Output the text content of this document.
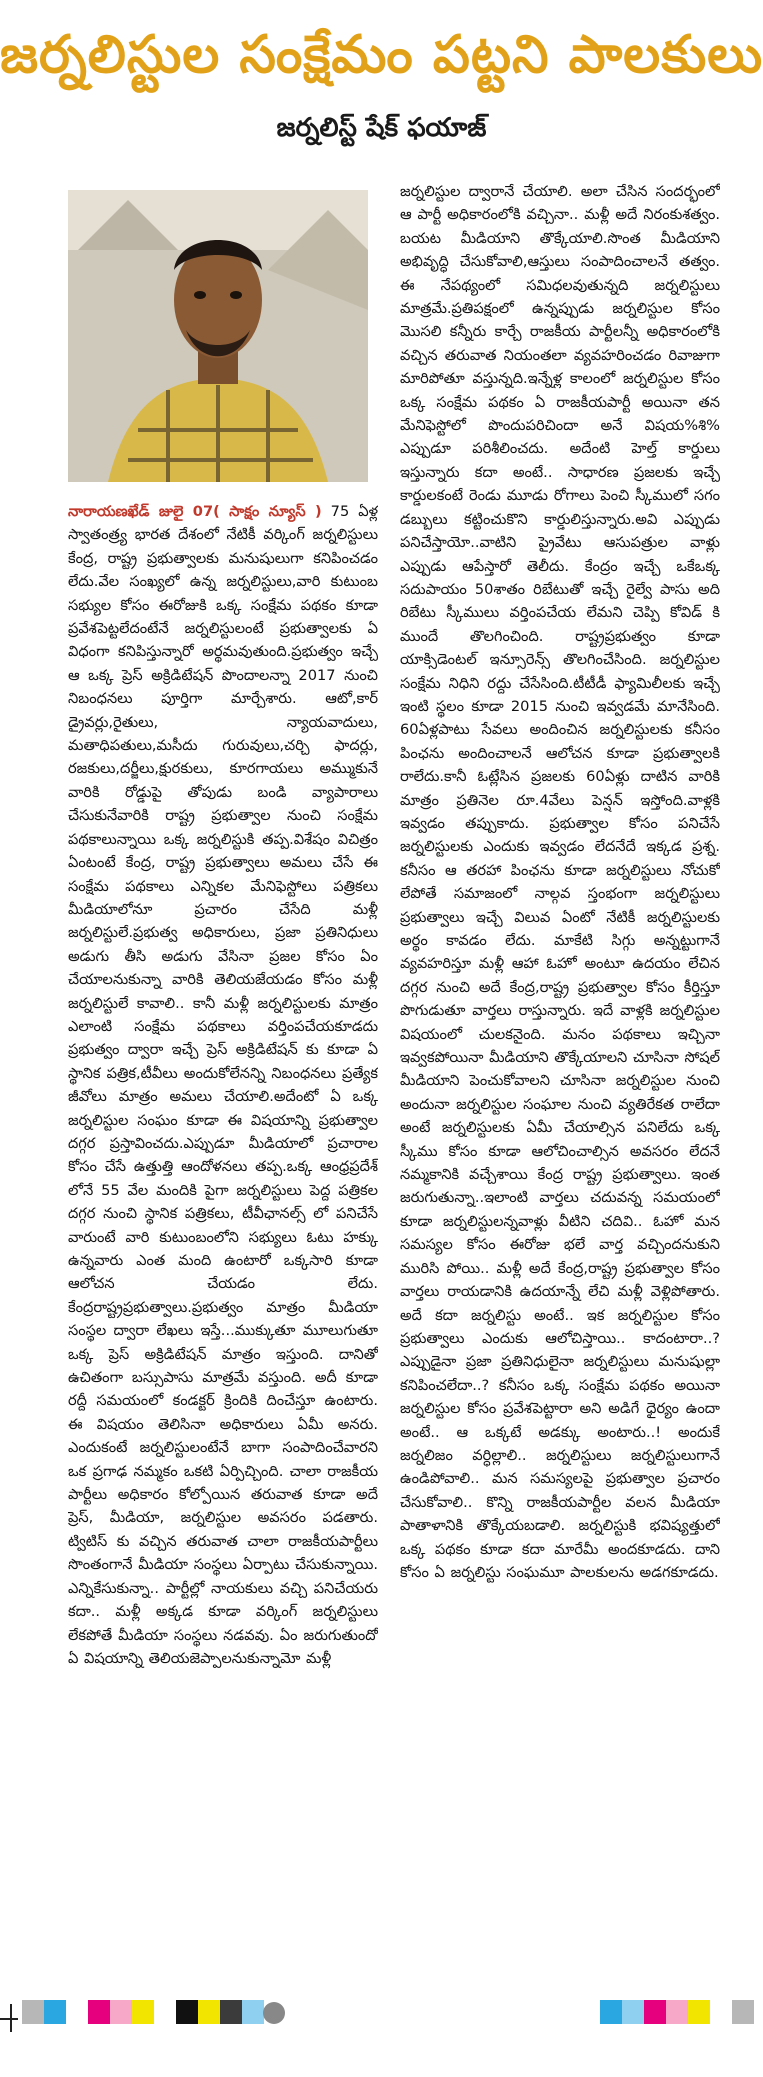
జర్నలిస్టుల సంక్షేమం పట్టని పాలకులు
జర్నలిస్ట్ షేక్ ఫయాజ్

నారాయణఖేడ్ జులై 07( సాక్షం న్యూస్ ) 75 ఏళ్ల స్వాతంత్ర్య భారత దేశంలో నేటికీ వర్కింగ్ జర్నలిస్టులు కేంద్ర, రాష్ట్ర ప్రభుత్వాలకు మనుషులుగా కనిపించడం లేదు.వేల సంఖ్యలో ఉన్న జర్నలిస్టులు,వారి కుటుంబ సభ్యుల కోసం ఈరోజుకి ఒక్క సంక్షేమ పథకం కూడా ప్రవేశపెట్టలేదంటేనే జర్నలిస్టులంటే ప్రభుత్వాలకు ఏ విధంగా కనిపిస్తున్నారో అర్థమవుతుంది.ప్రభుత్వం ఇచ్చే ఆ ఒక్క ప్రెస్ అక్రిడిటేషన్ పొందాలన్నా 2017 నుంచి నిబంధనలు పూర్తిగా మార్చేశారు. ఆటో,కార్ డ్రైవర్లు,రైతులు, న్యాయవాదులు, మతాధిపతులు,మసీదు గురువులు,చర్చి ఫాదర్లు, రజకులు,దర్జీలు,క్షురకులు, కూరగాయలు అమ్ముకునే వారికి రోడ్డుపై తోపుడు బండి వ్యాపారాలు చేసుకునేవారికి రాష్ట్ర ప్రభుత్వాల నుంచి సంక్షేమ పథకాలున్నాయి ఒక్క జర్నలిస్టుకి తప్ప.విశేషం విచిత్రం ఏంటంటే కేంద్ర, రాష్ట్ర ప్రభుత్వాలు అమలు చేసే ఈ సంక్షేమ పథకాలు ఎన్నికల మేనిఫెస్టోలు పత్రికలు మీడియాలోనూ ప్రచారం చేసేది మళ్లీ జర్నలిస్టులే.ప్రభుత్వ అధికారులు, ప్రజా ప్రతినిధులు అడుగు తీసి అడుగు వేసినా ప్రజల కోసం ఏం చేయాలనుకున్నా వారికి తెలియజేయడం కోసం మళ్లీ జర్నలిస్టులే కావాలి.. కానీ మళ్లీ జర్నలిస్టులకు మాత్రం ఎలాంటి సంక్షేమ పథకాలు వర్తింపచేయకూడదు ప్రభుత్వం ద్వారా ఇచ్చే ప్రెస్ అక్రిడిటేషన్ కు కూడా ఏ స్థానిక పత్రిక,టీవీలు అందుకోలేనన్ని నిబంధనలు ప్రత్యేక జీవోలు మాత్రం అమలు చేయాలి.అదేంటో ఏ ఒక్క జర్నలిస్టుల సంఘం కూడా ఈ విషయాన్ని ప్రభుత్వాల దగ్గర ప్రస్తావించదు.ఎప్పుడూ మీడియాలో ప్రచారాల కోసం చేసే ఉత్తుత్తి ఆందోళనలు తప్ప.ఒక్క ఆంధ్రప్రదేశ్ లోనే 55 వేల మందికి పైగా జర్నలిస్టులు పెద్ద పత్రికల దగ్గర నుంచి స్థానిక పత్రికలు, టీవీఛానల్స్ లో పనిచేసే వారుంటే వారి కుటుంబంలోని సభ్యులు ఓటు హక్కు ఉన్నవారు ఎంత మంది ఉంటారో ఒక్కసారి కూడా ఆలోచన చేయడం లేదు. కేంద్రరాష్ట్రప్రభుత్వాలు.ప్రభుత్వం మాత్రం మీడియా సంస్థల ద్వారా లేఖలు ఇస్తే...ముక్కుతూ మూలుగుతూ ఒక్క ప్రెస్ అక్రిడిటేషన్ మాత్రం ఇస్తుంది. దానితో ఉచితంగా బస్సుపాసు మాత్రమే వస్తుంది. అదీ కూడా రద్దీ సమయంలో కండక్టర్ క్రిందికి దించేస్తూ ఉంటారు. ఈ విషయం తెలిసినా అధికారులు ఏమీ అనరు. ఎందుకంటే జర్నలిస్టులంటేనే బాగా సంపాదించేవారని ఒక ప్రగాఢ నమ్మకం ఒకటి ఏర్పిచ్చింది. చాలా రాజకీయ పార్టీలు అధికారం కోల్పోయిన తరువాత కూడా అదే ప్రెస్, మీడియా, జర్నలిస్టుల అవసరం పడతారు. ట్విటిస్ కు వచ్చిన తరువాత చాలా రాజకీయపార్టీలు సొంతంగానే మీడియా సంస్థలు ఏర్పాటు చేసుకున్నాయి. ఎన్నికేసుకున్నా.. పార్టీల్లో నాయకులు వచ్చి పనిచేయరు కదా.. మళ్లీ అక్కడ కూడా వర్కింగ్ జర్నలిస్టులు లేకపోతే మీడియా సంస్థలు నడవవు. ఏం జరుగుతుందో ఏ విషయాన్ని తెలియజెప్పాలనుకున్నామో మళ్లీ

జర్నలిస్టుల ద్వారానే చేయాలి. అలా చేసిన సందర్భంలో ఆ పార్టీ అధికారంలోకి వచ్చినా.. మళ్లీ అదే నిరంకుశత్వం. బయట మీడియాని తొక్కేయాలి.సొంత మీడియాని అభివృద్ధి చేసుకోవాలి,ఆస్తులు సంపాదించాలనే తత్వం. ఈ నేపథ్యంలో సమిధలవుతున్నది జర్నలిస్టులు మాత్రమే.ప్రతిపక్షంలో ఉన్నప్పుడు జర్నలిస్టుల కోసం మొసలి కన్నీరు కార్చే రాజకీయ పార్టీలన్నీ అధికారంలోకి వచ్చిన తరువాత నియంతలా వ్యవహరించడం రివాజుగా మారిపోతూ వస్తున్నది.ఇన్నేళ్ల కాలంలో జర్నలిస్టుల కోసం ఒక్క సంక్షేమ పథకం ఏ రాజకీయపార్టీ అయినా తన మేనిఫెస్టోలో పొందుపరిచిందా అనే విషయ%శి% ఎప్పుడూ పరిశీలించదు. అదేంటి హెల్త్ కార్డులు ఇస్తున్నారు కదా అంటే.. సాధారణ ప్రజలకు ఇచ్చే కార్డులకంటే రెండు మూడు రోగాలు పెంచి స్కీములో సగం డబ్బులు కట్టించుకొని కార్డులిస్తున్నారు.అవి ఎప్పుడు పనిచేస్తాయో..వాటిని ప్రైవేటు ఆసుపత్రుల వాళ్లు ఎప్పుడు ఆపేస్తారో తెలీదు. కేంద్రం ఇచ్చే ఒకేఒక్క సదుపాయం 50శాతం రిబేటుతో ఇచ్చే రైల్వే పాసు అది రిబేటు స్కీములు వర్తింపచేయ లేమని చెప్పి కోవిడ్ కి ముందే తొలగించింది. రాష్ట్రప్రభుత్వం కూడా యాక్సిడెంటల్ ఇన్సూరెన్స్ తొలగించేసింది. జర్నలిస్టుల సంక్షేమ నిధిని రద్దు చేసేసింది.టీటీడీ ఫ్యామిలీలకు ఇచ్చే ఇంటి స్థలం కూడా 2015 నుంచి ఇవ్వడమే మానేసింది. 60ఏళ్లపాటు సేవలు అందించిన జర్నలిస్టులకు కనీసం పింఛను అందించాలనే ఆలోచన కూడా ప్రభుత్వాలకి రాలేదు.కానీ ఓట్లేసిన ప్రజలకు 60ఏళ్లు దాటిన వారికి మాత్రం ప్రతినెల రూ.4వేలు పెన్షన్ ఇస్తోంది.వాళ్లకి ఇవ్వడం తప్పుకాదు. ప్రభుత్వాల కోసం పనిచేసే జర్నలిస్టులకు ఎందుకు ఇవ్వడం లేదనేదే ఇక్కడ ప్రశ్న. కనీసం ఆ తరహా పింఛను కూడా జర్నలిస్టులు నోచుకో లేపోతే సమాజంలో నాల్గవ స్తంభంగా జర్నలిస్టులు ప్రభుత్వాలు ఇచ్చే విలువ ఏంటో నేటికీ జర్నలిస్టులకు అర్థం కావడం లేదు. మాకేటి సిగ్గు అన్నట్టుగానే వ్యవహరిస్తూ మళ్లీ ఆహా ఓహో అంటూ ఉదయం లేచిన దగ్గర నుంచి అదే కేంద్ర,రాష్ట్ర ప్రభుత్వాల కోసం కీర్తిస్తూ పొగుడుతూ వార్తలు రాస్తున్నారు. ఇదే వాళ్లకి జర్నలిస్టుల విషయంలో చులకనైంది. మనం పథకాలు ఇచ్చినా ఇవ్వకపోయినా మీడియాని తొక్కేయాలని చూసినా సోషల్ మీడియాని పెంచుకోవాలని చూసినా జర్నలిస్టుల నుంచి అందునా జర్నలిస్టుల సంఘాల నుంచి వ్యతిరేకత రాలేదా అంటే జర్నలిస్టులకు ఏమీ చేయాల్సిన పనిలేదు ఒక్క స్కీము కోసం కూడా ఆలోచించాల్సిన అవసరం లేదనే నమ్మకానికి వచ్చేశాయి కేంద్ర రాష్ట్ర ప్రభుత్వాలు. ఇంత జరుగుతున్నా..ఇలాంటి వార్తలు చదువన్న సమయంలో కూడా జర్నలిస్టులన్నవాళ్లు వీటిని చదివి.. ఓహో మన సమస్యల కోసం ఈరోజు భలే వార్త వచ్చిందనుకుని మురిసి పోయి.. మళ్లీ అదే కేంద్ర,రాష్ట్ర ప్రభుత్వాల కోసం వార్తలు రాయడానికి ఉదయాన్నే లేచి మళ్లీ వెళ్లిపోతారు. అదే కదా జర్నలిస్టు అంటే.. ఇక జర్నలిస్టుల కోసం ప్రభుత్వాలు ఎందుకు ఆలోచిస్తాయి.. కాదంటారా..? ఎప్పుడైనా ప్రజా ప్రతినిధులైనా జర్నలిస్టులు మనుషుల్లా కనిపించలేదా..? కనీసం ఒక్క సంక్షేమ పథకం అయినా జర్నలిస్టుల కోసం ప్రవేశపెట్టారా అని అడిగే ధైర్యం ఉందా అంటే.. ఆ ఒక్కటే అడక్కు అంటారు..! అందుకే జర్నలిజం వర్ధిల్లాలి.. జర్నలిస్టులు జర్నలిస్టులుగానే ఉండిపోవాలి.. మన సమస్యలపై ప్రభుత్వాల ప్రచారం చేసుకోవాలి.. కొన్ని రాజకీయపార్టీల వలన మీడియా పాతాళానికి తొక్కేయబడాలి. జర్నలిస్టుకి భవిష్యత్తులో ఒక్క పథకం కూడా కదా మారేమీ అందకూడదు. దాని కోసం ఏ జర్నలిస్టు సంఘమూ పాలకులను అడగకూడదు.
